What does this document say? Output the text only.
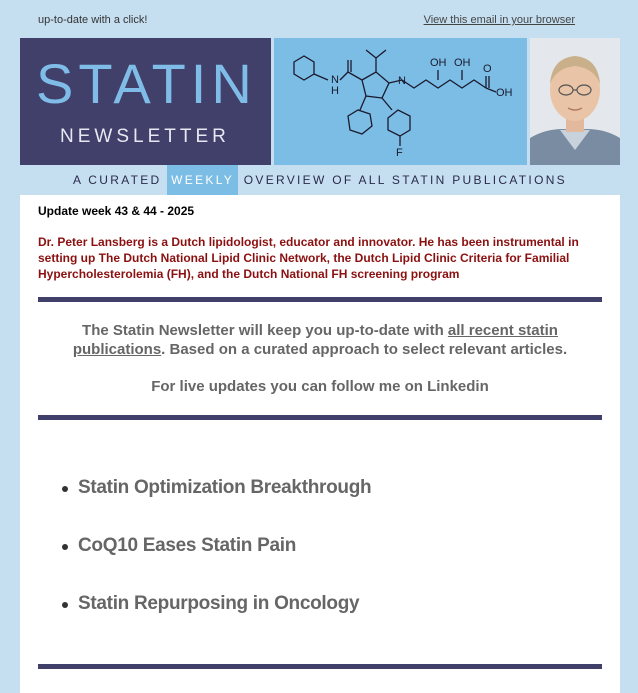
up-to-date with a click!	View this email in your browser
STATIN
NEWSLETTER
N H
N
OH OH O
OH
F
A CURATED WEEKLY OVERVIEW OF ALL STATIN PUBLICATIONS
Update week 43 & 44 - 2025
Dr. Peter Lansberg is a Dutch lipidologist, educator and innovator. He has been instrumental in setting up The Dutch National Lipid Clinic Network, the Dutch Lipid Clinic Criteria for Familial Hypercholesterolemia (FH), and the Dutch National FH screening program
The Statin Newsletter will keep you up-to-date with all recent statin publications. Based on a curated approach to select relevant articles.
For live updates you can follow me on Linkedin
Statin Optimization Breakthrough
CoQ10 Eases Statin Pain
Statin Repurposing in Oncology
